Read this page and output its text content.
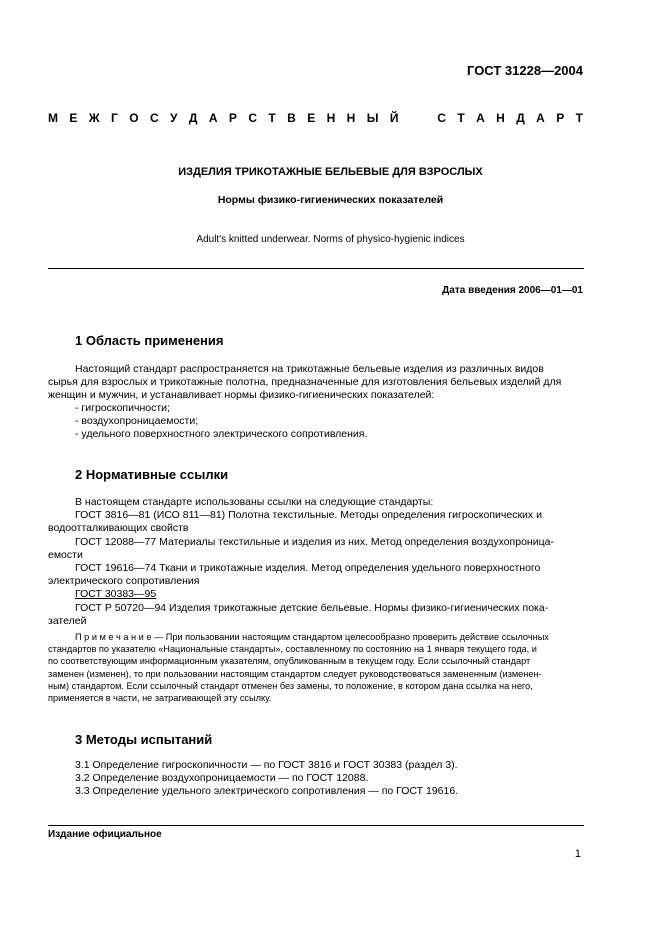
ГОСТ 31228—2004
М Е Ж Г О С У Д А Р С Т В Е Н Н Ы Й	С Т А Н Д А Р Т
ИЗДЕЛИЯ ТРИКОТАЖНЫЕ БЕЛЬЕВЫЕ ДЛЯ ВЗРОСЛЫХ
Нормы физико-гигиенических показателей
Adult's knitted underwear. Norms of physico-hygienic indices
Дата введения 2006—01—01
1 Область применения
Настоящий стандарт распространяется на трикотажные бельевые изделия из различных видов
сырья для взрослых и трикотажные полотна, предназначенные для изготовления бельевых изделий для
женщин и мужчин, и устанавливает нормы физико-гигиенических показателей:
- гигроскопичности;
- воздухопроницаемости;
- удельного поверхностного электрического сопротивления.
2 Нормативные ссылки
В настоящем стандарте использованы ссылки на следующие стандарты:
ГОСТ 3816—81 (ИСО 811—81) Полотна текстильные. Методы определения гигроскопических и
водоотталкивающих свойств
ГОСТ 12088—77 Материалы текстильные и изделия из них. Метод определения воздухопроница-
емости
ГОСТ 19616—74 Ткани и трикотажные изделия. Метод определения удельного поверхностного
электрического сопротивления
ГОСТ 30383—95
ГОСТ Р 50720—94 Изделия трикотажные детские бельевые. Нормы физико-гигиенических пока-
зателей
П р и м е ч а н и е — При пользовании настоящим стандартом целесообразно проверить действие ссылочных
стандартов по указателю «Национальные стандарты», составленному по состоянию на 1 января текущего года, и
по соответствующим информационным указателям, опубликованным в текущем году. Если ссылочный стандарт
заменен (изменен), то при пользовании настоящим стандартом следует руководствоваться замененным (изменен-
ным) стандартом. Если ссылочный стандарт отменен без замены, то положение, в котором дана ссылка на него,
применяется в части, не затрагивающей эту ссылку.
3 Методы испытаний
3.1 Определение гигроскопичности — по ГОСТ 3816 и ГОСТ 30383 (раздел 3).
3.2 Определение воздухопроницаемости — по ГОСТ 12088.
3.3 Определение удельного электрического сопротивления — по ГОСТ 19616.
Издание официальное
1
